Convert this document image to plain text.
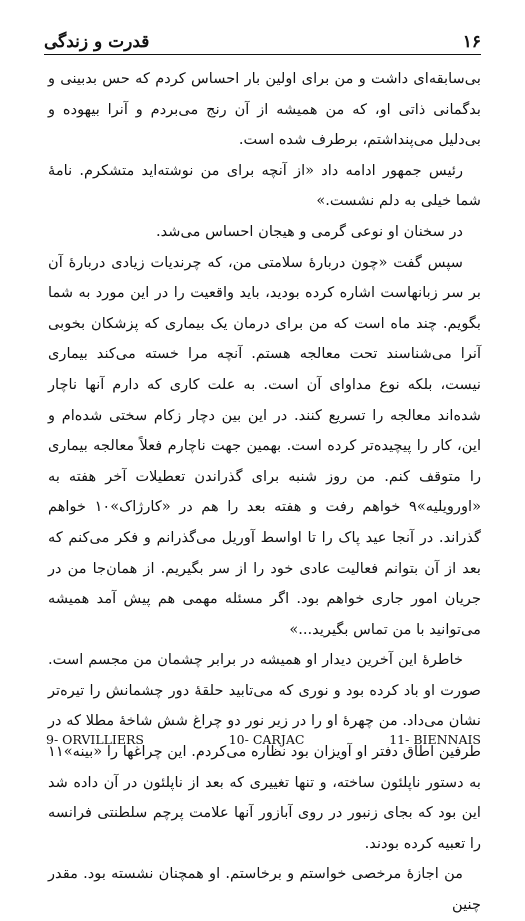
۱۶
قدرت و زندگی

بی‌سابقه‌ای داشت و من برای اولین بار احساس کردم که حس بدبینی و بدگمانی ذاتی او، که من همیشه از آن رنج می‌بردم و آنرا بیهوده و بی‌دلیل می‌پنداشتم، برطرف شده است.

رئیس جمهور ادامه داد «از آنچه برای من نوشته‌اید متشکرم. نامهٔ شما خیلی به دلم نشست.»

در سخنان او نوعی گرمی و هیجان احساس می‌شد.

سپس گفت «چون دربارهٔ سلامتی من، که چرندیات زیادی دربارهٔ آن بر سر زبانهاست اشاره کرده بودید، باید واقعیت را در این مورد به شما بگویم. چند ماه است که من برای درمان یک بیماری که پزشکان بخوبی آنرا می‌شناسند تحت معالجه هستم. آنچه مرا خسته می‌کند بیماری نیست، بلکه نوع مداوای آن است. به علت کاری که دارم آنها ناچار شده‌اند معالجه را تسریع کنند. در این بین دچار زکام سختی شده‌ام و این، کار را پیچیده‌تر کرده است. بهمین جهت ناچارم فعلاً معالجه بیماری را متوقف کنم. من روز شنبه برای گذراندن تعطیلات آخر هفته به «اورویلیه»۹ خواهم رفت و هفته بعد را هم در «کارژاک»۱۰ خواهم گذراند. در آنجا عید پاک را تا اواسط آوریل می‌گذرانم و فکر می‌کنم که بعد از آن بتوانم فعالیت عادی خود را از سر بگیریم. از همان‌جا من در جریان امور جاری خواهم بود. اگر مسئله مهمی هم پیش آمد همیشه می‌توانید با من تماس بگیرید...»

خاطرهٔ این آخرین دیدار او همیشه در برابر چشمان من مجسم است. صورت او باد کرده بود و نوری که می‌تابید حلقهٔ دور چشمانش را تیره‌تر نشان می‌داد. من چهرهٔ او را در زیر نور دو چراغ شش شاخهٔ مطلا که در طرفین اطاق دفتر او آویزان بود نظاره می‌کردم. این چراغها را «بینه»۱۱ به دستور ناپلئون ساخته، و تنها تغییری که بعد از ناپلئون در آن داده شد این بود که بجای زنبور در روی آبازور آنها علامت پرچم سلطنتی فرانسه را تعبیه کرده بودند.

من اجازهٔ مرخصی خواستم و برخاستم. او همچنان نشسته بود. مقدر چنین

9- ORVILLIERS	10- CARJAC	11- BIENNAIS
